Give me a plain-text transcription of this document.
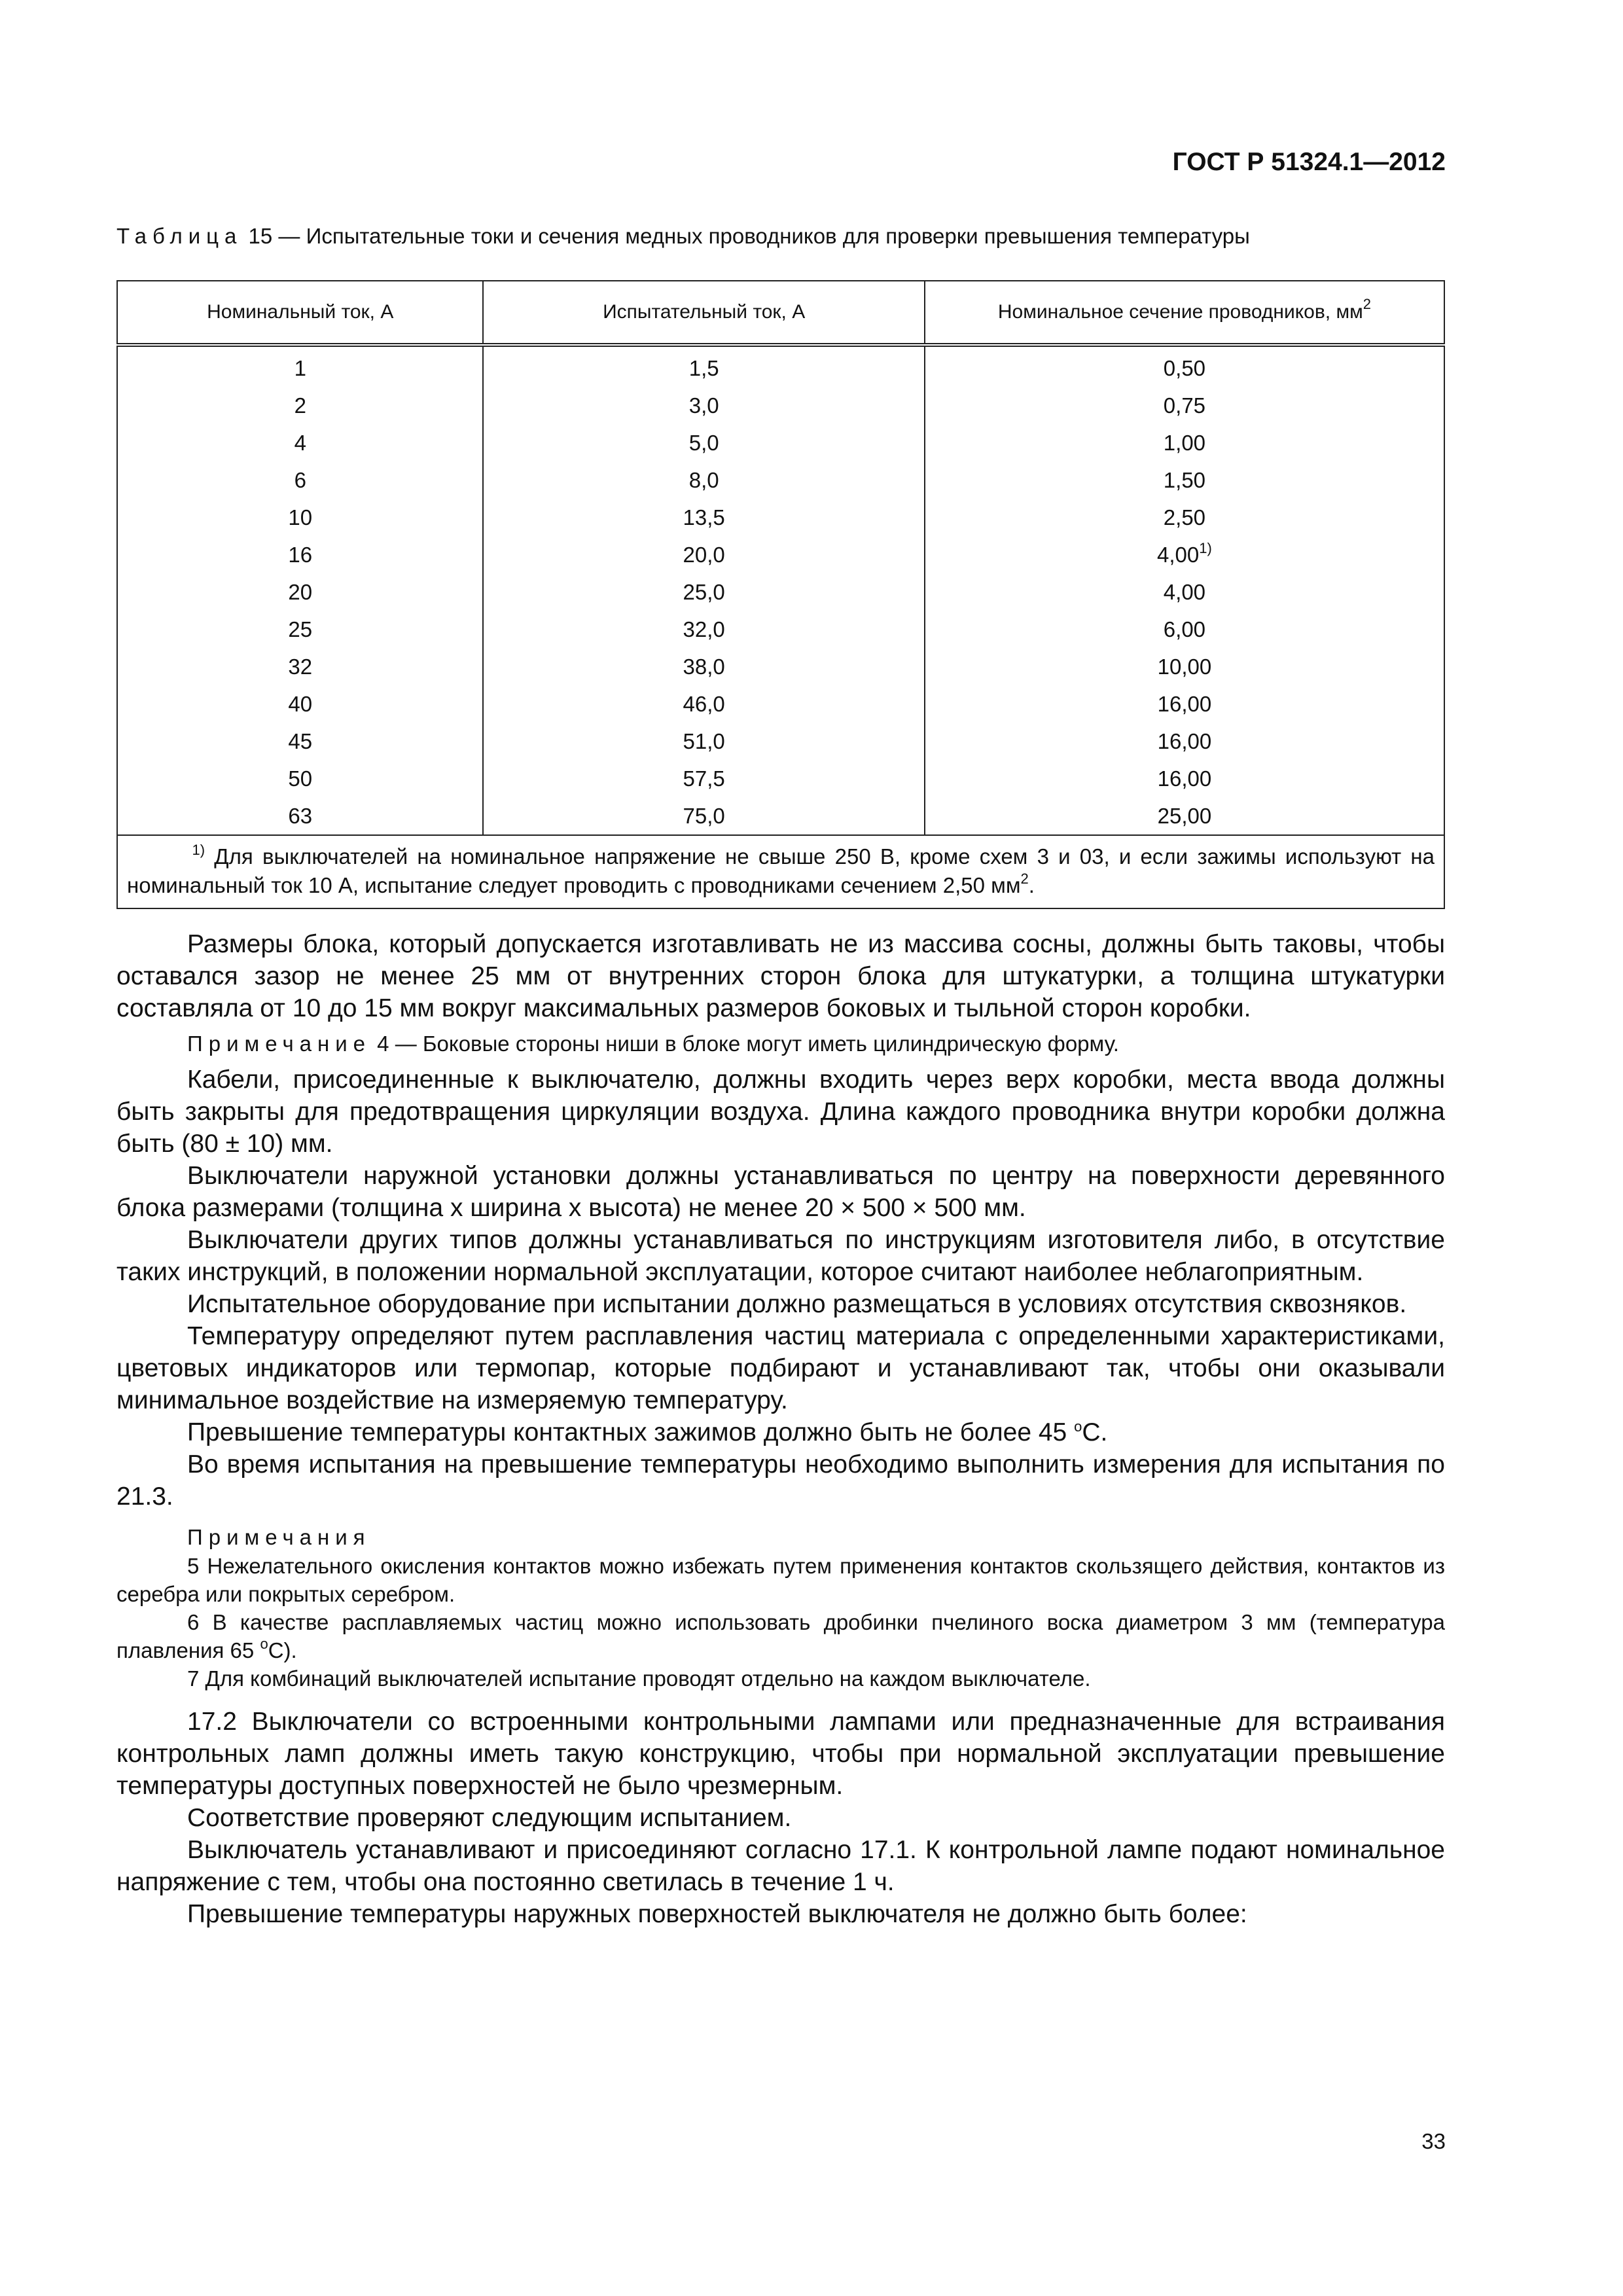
ГОСТ Р 51324.1—2012
Таблица 15 — Испытательные токи и сечения медных проводников для проверки превышения температуры
Номинальный ток, А	Испытательный ток, А	Номинальное сечение проводников, $мм^2$
1	1,5	0,50
2	3,0	0,75
4	5,0	1,00
6	8,0	1,50
10	13,5	2,50
16	20,0	4,00$^{1)}$
20	25,0	4,00
25	32,0	6,00
32	38,0	10,00
40	46,0	16,00
45	51,0	16,00
50	57,5	16,00
63	75,0	25,00
$^{1)}$ Для выключателей на номинальное напряжение не свыше 250 В, кроме схем 3 и 03, и если зажимы используют на номинальный ток 10 А, испытание следует проводить с проводниками сечением 2,50 $мм^2$.		

Размеры блока, который допускается изготавливать не из массива сосны, должны быть таковы, чтобы оставался зазор не менее 25 мм от внутренних сторон блока для штукатурки, а толщина штукатурки составляла от 10 до 15 мм вокруг максимальных размеров боковых и тыльной сторон коробки.

Примечание 4 — Боковые стороны ниши в блоке могут иметь цилиндрическую форму.

Кабели, присоединенные к выключателю, должны входить через верх коробки, места ввода должны быть закрыты для предотвращения циркуляции воздуха. Длина каждого проводника внутри коробки должна быть (80 ± 10) мм.

Выключатели наружной установки должны устанавливаться по центру на поверхности деревянного блока размерами (толщина х ширина х высота) не менее 20 × 500 × 500 мм.

Выключатели других типов должны устанавливаться по инструкциям изготовителя либо, в отсутствие таких инструкций, в положении нормальной эксплуатации, которое считают наиболее неблагоприятным.

Испытательное оборудование при испытании должно размещаться в условиях отсутствия сквозняков.

Температуру определяют путем расплавления частиц материала с определенными характеристиками, цветовых индикаторов или термопар, которые подбирают и устанавливают так, чтобы они оказывали минимальное воздействие на измеряемую температуру.

Превышение температуры контактных зажимов должно быть не более 45 $^о$С.

Во время испытания на превышение температуры необходимо выполнить измерения для испытания по 21.3.

Примечания

5 Нежелательного окисления контактов можно избежать путем применения контактов скользящего действия, контактов из серебра или покрытых серебром.

6 В качестве расплавляемых частиц можно использовать дробинки пчелиного воска диаметром 3 мм (температура плавления 65 $^о$С).

7 Для комбинаций выключателей испытание проводят отдельно на каждом выключателе.

17.2 Выключатели со встроенными контрольными лампами или предназначенные для встраивания контрольных ламп должны иметь такую конструкцию, чтобы при нормальной эксплуатации превышение температуры доступных поверхностей не было чрезмерным.

Соответствие проверяют следующим испытанием.

Выключатель устанавливают и присоединяют согласно 17.1. К контрольной лампе подают номинальное напряжение с тем, чтобы она постоянно светилась в течение 1 ч.

Превышение температуры наружных поверхностей выключателя не должно быть более:

33
